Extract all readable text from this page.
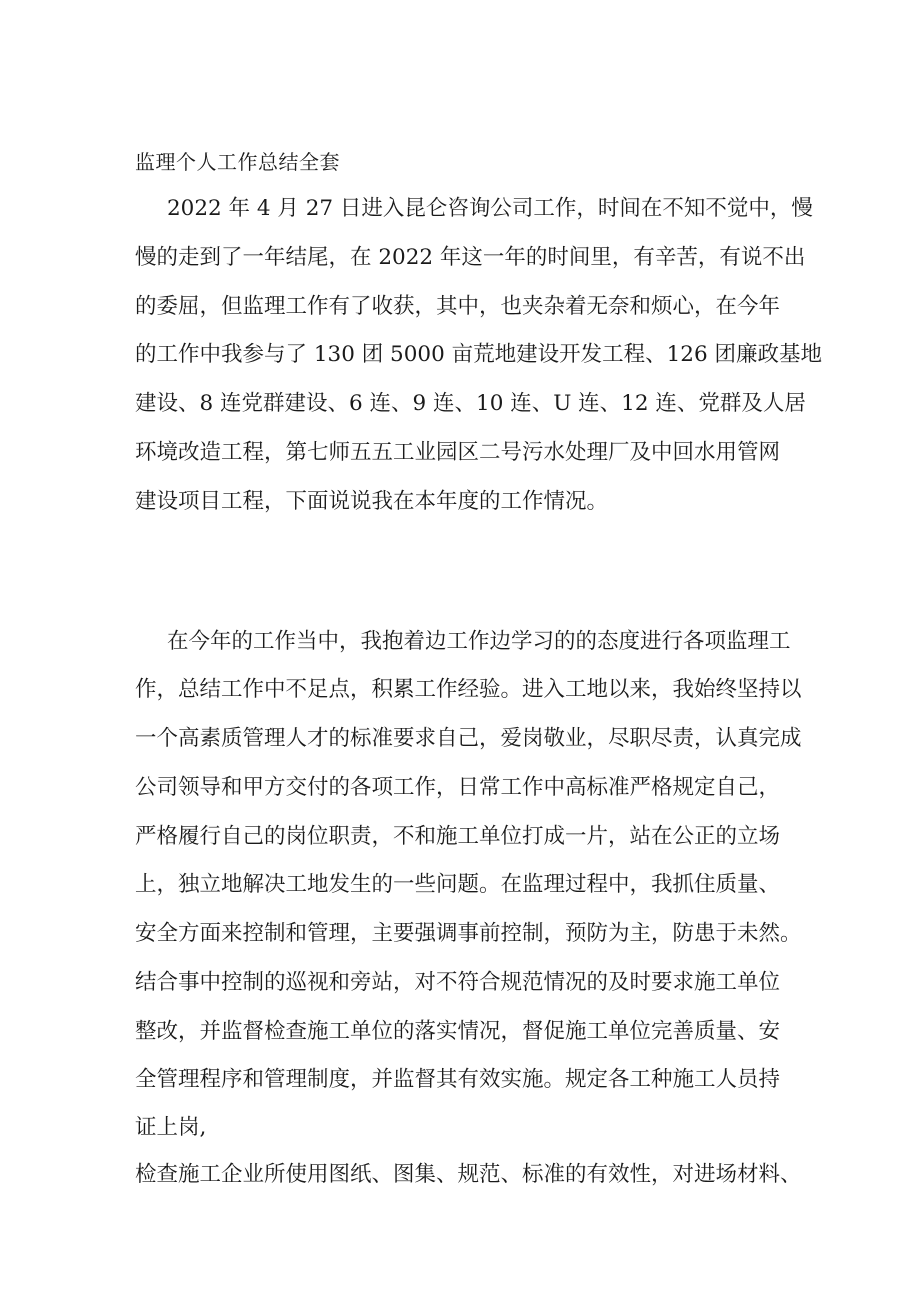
监理个人工作总结全套
2022 年 4 月 27 日进入昆仑咨询公司工作，时间在不知不觉中，慢
慢的走到了一年结尾，在 2022 年这一年的时间里，有辛苦，有说不出
的委屈，但监理工作有了收获，其中，也夹杂着无奈和烦心，在今年
的工作中我参与了 130 团 5000 亩荒地建设开发工程、126 团廉政基地
建设、8 连党群建设、6 连、9 连、10 连、U 连、12 连、党群及人居
环境改造工程，第七师五五工业园区二号污水处理厂及中回水用管网
建设项目工程，下面说说我在本年度的工作情况。
在今年的工作当中，我抱着边工作边学习的的态度进行各项监理工
作，总结工作中不足点，积累工作经验。进入工地以来，我始终坚持以
一个高素质管理人才的标准要求自己，爱岗敬业，尽职尽责，认真完成
公司领导和甲方交付的各项工作，日常工作中高标准严格规定自己，
严格履行自己的岗位职责，不和施工单位打成一片，站在公正的立场
上，独立地解决工地发生的一些问题。在监理过程中，我抓住质量、
安全方面来控制和管理，主要强调事前控制，预防为主，防患于未然。
结合事中控制的巡视和旁站，对不符合规范情况的及时要求施工单位
整改，并监督检查施工单位的落实情况，督促施工单位完善质量、安
全管理程序和管理制度，并监督其有效实施。规定各工种施工人员持
证上岗,
检查施工企业所使用图纸、图集、规范、标准的有效性，对进场材料、
